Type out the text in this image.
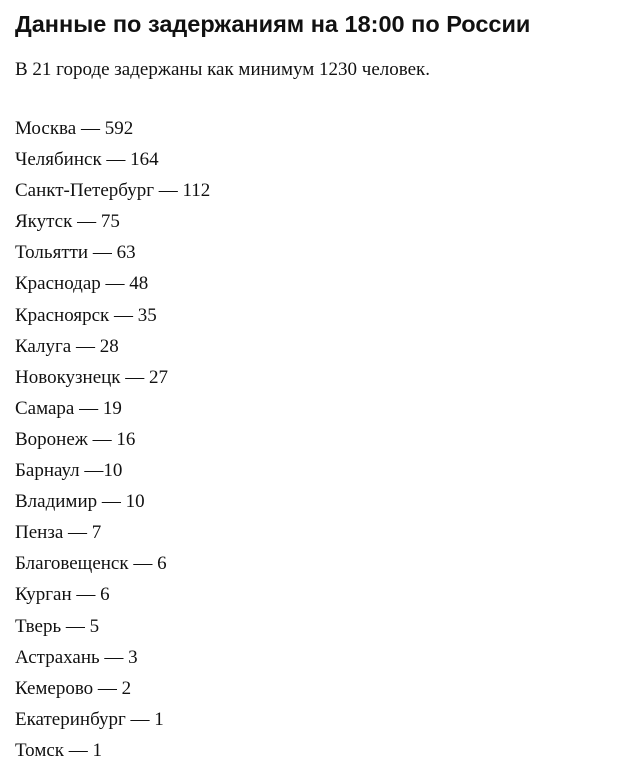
Данные по задержаниям на 18:00 по России

В 21 городе задержаны как минимум 1230 человек.

Москва — 592
Челябинск — 164
Санкт-Петербург — 112
Якутск — 75
Тольятти — 63
Краснодар — 48
Красноярск — 35
Калуга — 28
Новокузнецк — 27
Самара — 19
Воронеж — 16
Барнаул —10
Владимир — 10
Пенза — 7
Благовещенск — 6
Курган — 6
Тверь — 5
Астрахань — 3
Кемерово — 2
Екатеринбург — 1
Томск — 1
